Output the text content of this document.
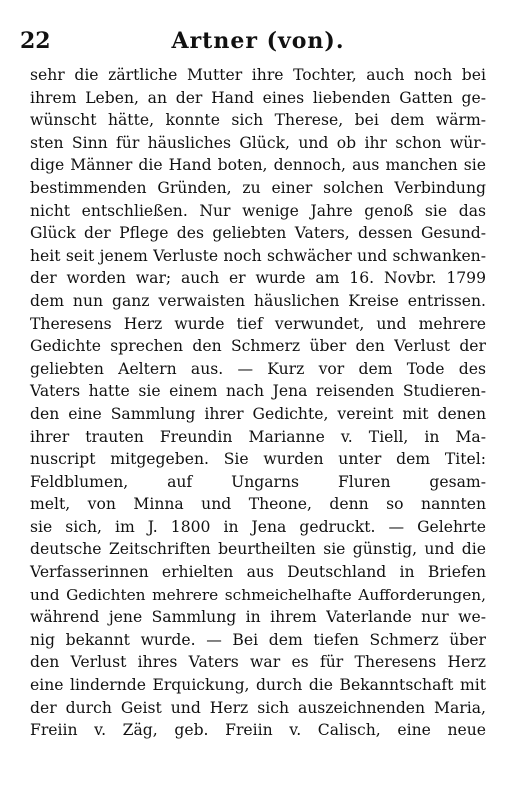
22	Artner (von).
sehr die zärtliche Mutter ihre Tochter, auch noch bei
ihrem Leben, an der Hand eines liebenden Gatten ge-
wünscht hätte, konnte sich Therese, bei dem wärm-
sten Sinn für häusliches Glück, und ob ihr schon wür-
dige Männer die Hand boten, dennoch, aus manchen sie
bestimmenden Gründen, zu einer solchen Verbindung
nicht entschließen. Nur wenige Jahre genoß sie das
Glück der Pflege des geliebten Vaters, dessen Gesund-
heit seit jenem Verluste noch schwächer und schwanken-
der worden war; auch er wurde am 16. Novbr. 1799
dem nun ganz verwaisten häuslichen Kreise entrissen.
Theresens Herz wurde tief verwundet, und mehrere
Gedichte sprechen den Schmerz über den Verlust der
geliebten Aeltern aus. — Kurz vor dem Tode des
Vaters hatte sie einem nach Jena reisenden Studieren-
den eine Sammlung ihrer Gedichte, vereint mit denen
ihrer trauten Freundin Marianne v. Tiell, in Ma-
nuscript mitgegeben. Sie wurden unter dem Titel:
Feldblumen, auf Ungarns Fluren gesam-
melt, von Minna und Theone, denn so nannten
sie sich, im J. 1800 in Jena gedruckt. — Gelehrte
deutsche Zeitschriften beurtheilten sie günstig, und die
Verfasserinnen erhielten aus Deutschland in Briefen
und Gedichten mehrere schmeichelhafte Aufforderungen,
während jene Sammlung in ihrem Vaterlande nur we-
nig bekannt wurde. — Bei dem tiefen Schmerz über
den Verlust ihres Vaters war es für Theresens Herz
eine lindernde Erquickung, durch die Bekanntschaft mit
der durch Geist und Herz sich auszeichnenden Maria,
Freiin v. Zäg, geb. Freiin v. Calisch, eine neue
